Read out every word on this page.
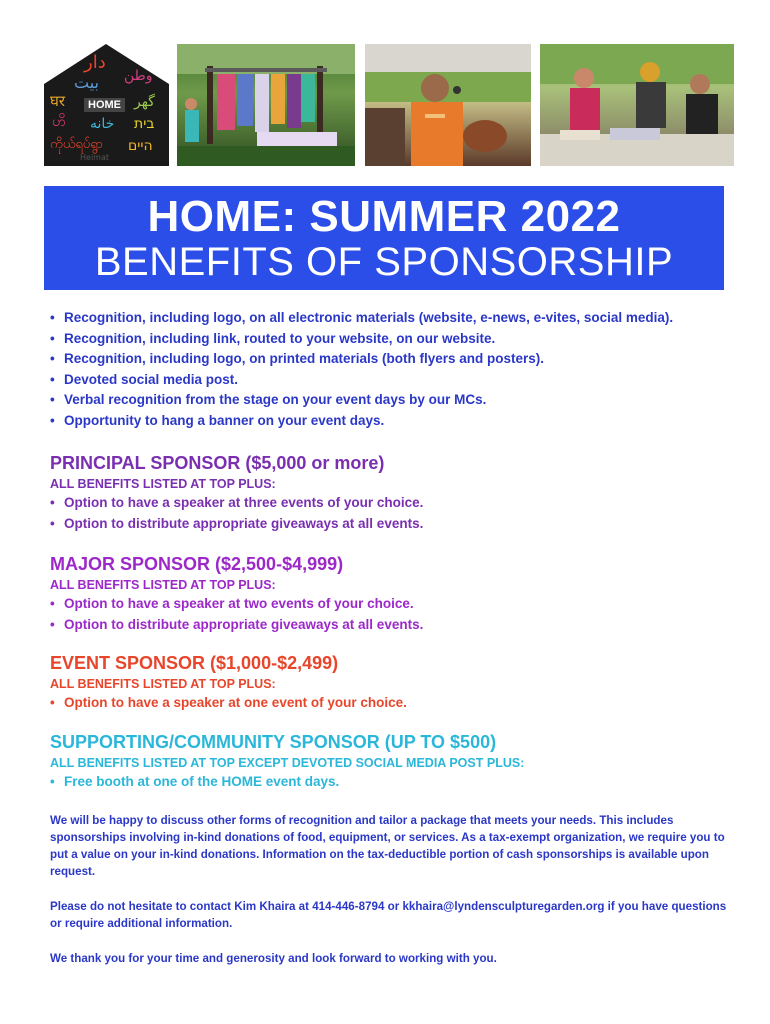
دار
وطن
بيت
घर	گهر
ဟိ خانه בית
ကိုယ်ရပ်ရွာ היים
Heimat
HOME
HOME: SUMMER 2022
BENEFITS OF SPONSORSHIP
• Recognition, including logo, on all electronic materials (website, e-news, e-vites, social media).
• Recognition, including link, routed to your website, on our website.
• Recognition, including logo, on printed materials (both flyers and posters).
• Devoted social media post.
• Verbal recognition from the stage on your event days by our MCs.
• Opportunity to hang a banner on your event days.
PRINCIPAL SPONSOR ($5,000 or more)
ALL BENEFITS LISTED AT TOP PLUS:
• Option to have a speaker at three events of your choice.
• Option to distribute appropriate giveaways at all events.
MAJOR SPONSOR ($2,500-$4,999)
ALL BENEFITS LISTED AT TOP PLUS:
• Option to have a speaker at two events of your choice.
• Option to distribute appropriate giveaways at all events.
EVENT SPONSOR ($1,000-$2,499)
ALL BENEFITS LISTED AT TOP PLUS:
• Option to have a speaker at one event of your choice.
SUPPORTING/COMMUNITY SPONSOR (UP TO $500)
ALL BENEFITS LISTED AT TOP EXCEPT DEVOTED SOCIAL MEDIA POST PLUS:
• Free booth at one of the HOME event days.

We will be happy to discuss other forms of recognition and tailor a package that meets your needs. This includes sponsorships involving in-kind donations of food, equipment, or services. As a tax-exempt organization, we require you to put a value on your in-kind donations. Information on the tax-deductible portion of cash sponsorships is available upon request.

Please do not hesitate to contact Kim Khaira at 414-446-8794 or kkhaira@lyndensculpturegarden.org if you have questions or require additional information.

We thank you for your time and generosity and look forward to working with you.
